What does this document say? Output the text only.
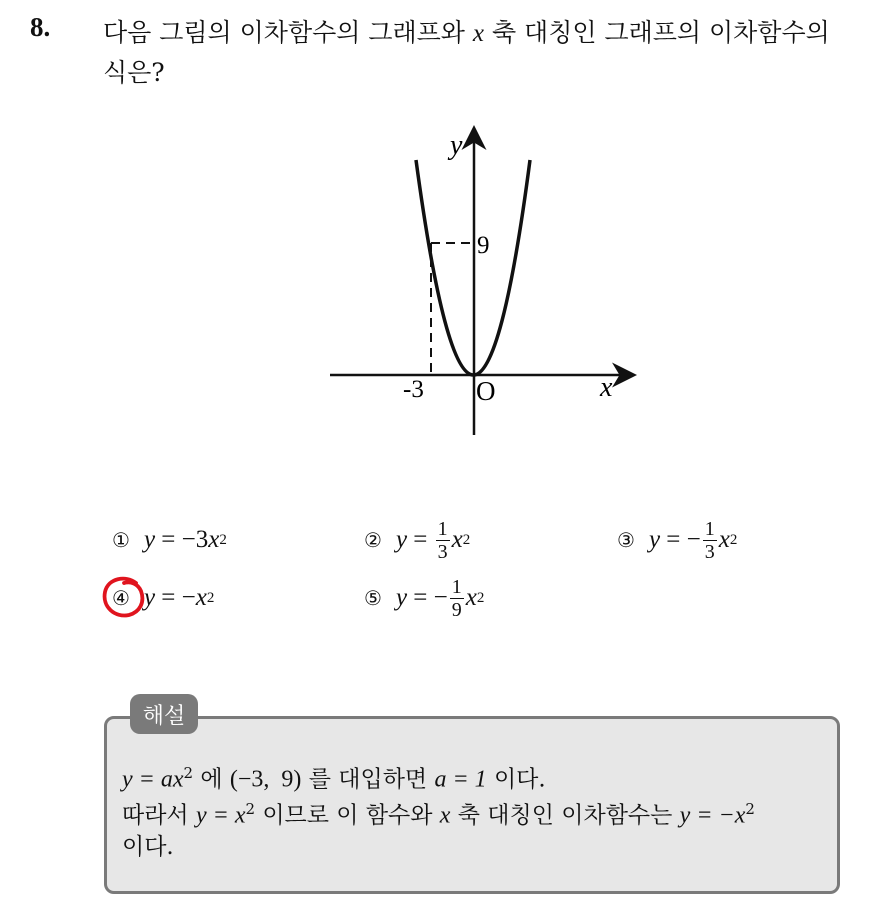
8. 다음 그림의 이차함수의 그래프와 x 축 대칭인 그래프의 이차함수의
식은?
y
x
O
-3
9
① y = −3 x 2	② $y = \frac{1}{3}$ x 2	③ y = − $\frac{1}{3}$ x 2
④ y = − x 2	⑤ y = − $\frac{1}{9}$ x 2
해설
$y = ax^2$ 에 (−3,  9) 를 대입하면 a = 1 이다.
따라서 $y = x^2$ 이므로 이 함수와 x 축 대칭인 이차함수는 $y = -x^2$
이다.
